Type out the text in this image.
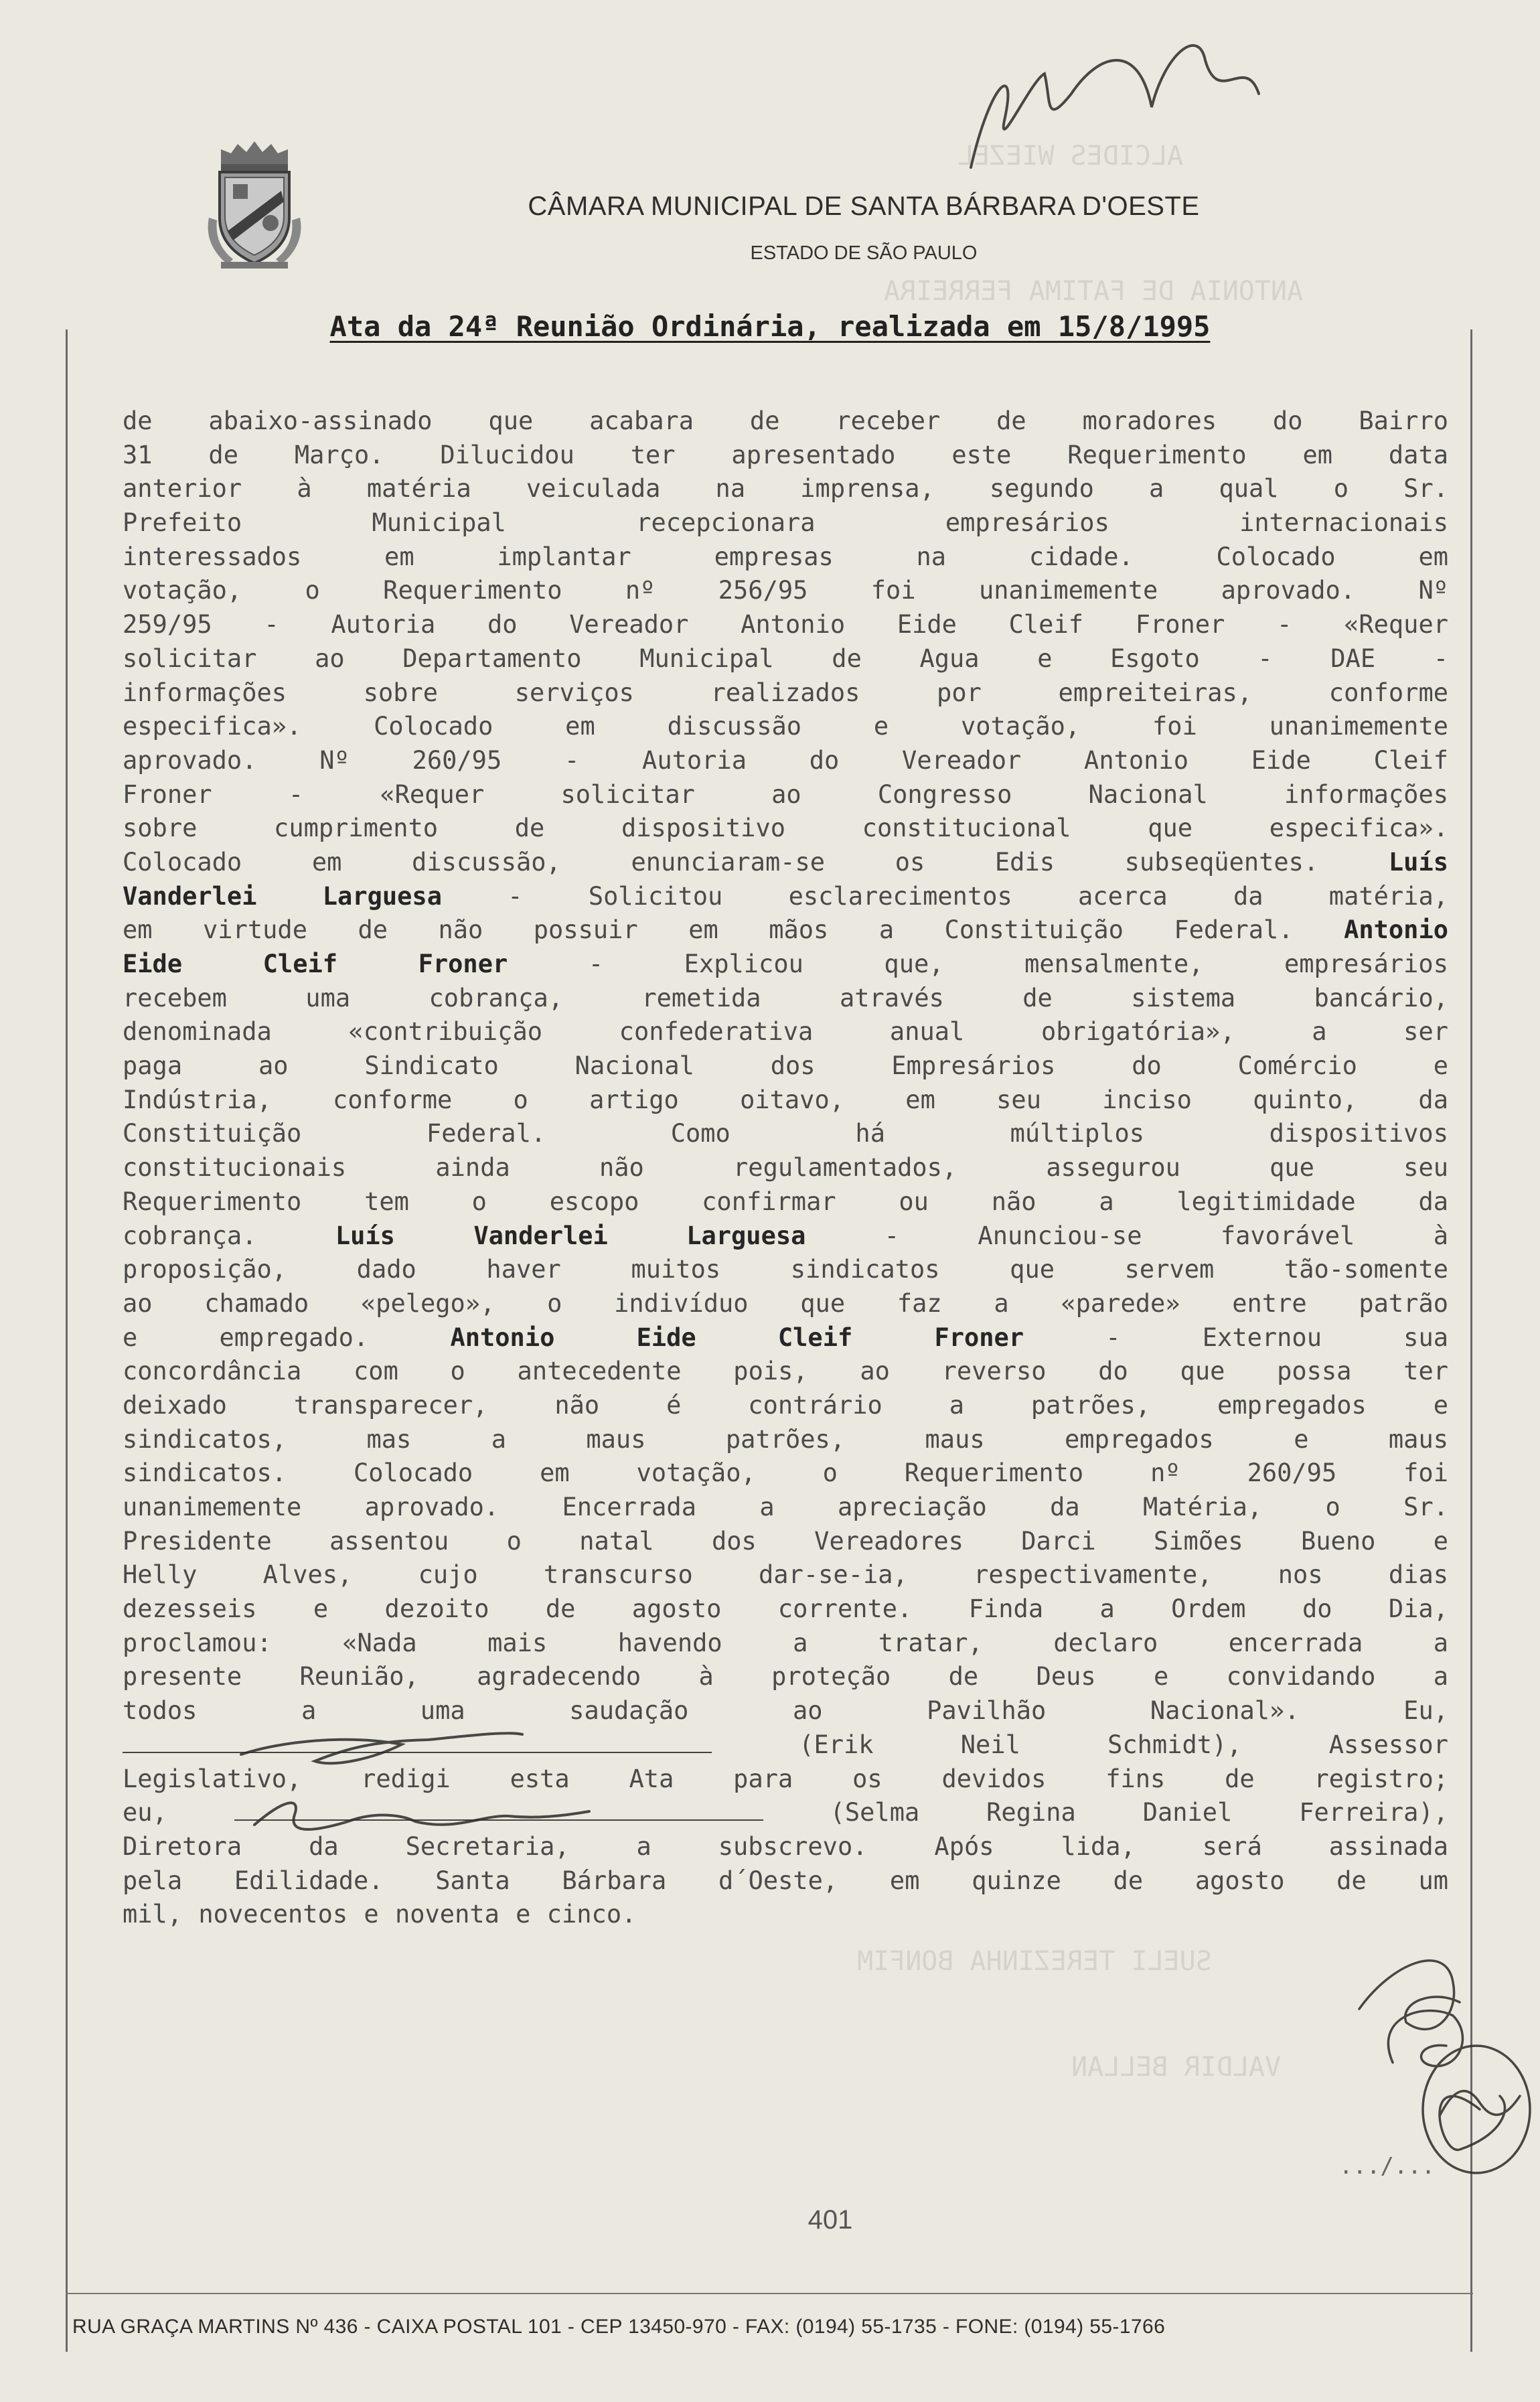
ALCIDES WIEZEL
ANTONIA DE FATIMA FERREIRA
SUELI TEREZINHA BONFIM
VALDIR BELLAN
CÂMARA MUNICIPAL DE SANTA BÁRBARA D'OESTE
ESTADO DE SÃO PAULO
Ata da 24ª Reunião Ordinária, realizada em 15/8/1995
de abaixo-assinado que acabara de receber de moradores do Bairro
31 de Março. Dilucidou ter apresentado este Requerimento em data
anterior à matéria veiculada na imprensa, segundo a qual o Sr.
Prefeito Municipal recepcionara empresários internacionais
interessados em implantar empresas na cidade. Colocado em
votação, o Requerimento nº 256/95 foi unanimemente aprovado. Nº
259/95 - Autoria do Vereador Antonio Eide Cleif Froner - «Requer
solicitar ao Departamento Municipal de Agua e Esgoto - DAE -
informações sobre serviços realizados por empreiteiras, conforme
especifica». Colocado em discussão e votação, foi unanimemente
aprovado. Nº 260/95 - Autoria do Vereador Antonio Eide Cleif
Froner - «Requer solicitar ao Congresso Nacional informações
sobre cumprimento de dispositivo constitucional que especifica».
Colocado em discussão, enunciaram-se os Edis subseqüentes.	Luís
Vanderlei Larguesa	- Solicitou esclarecimentos acerca da matéria,
em virtude de não possuir em mãos a Constituição Federal. Antonio
Eide Cleif Froner	- Explicou que, mensalmente, empresários
recebem uma cobrança, remetida através de sistema bancário,
denominada «contribuição confederativa anual obrigatória», a ser
paga ao Sindicato Nacional dos Empresários do Comércio e
Indústria, conforme o artigo oitavo, em seu inciso quinto, da
Constituição Federal. Como há múltiplos dispositivos
constitucionais ainda não regulamentados, assegurou que seu
Requerimento tem o escopo confirmar ou não a legitimidade da
cobrança.	Luís Vanderlei Larguesa - Anunciou-se favorável à
proposição, dado haver muitos sindicatos que servem tão-somente
ao chamado «pelego», o indivíduo que faz a «parede» entre patrão
e empregado.	Antonio Eide Cleif Froner - Externou sua
concordância com o antecedente pois, ao reverso do que possa ter
deixado transparecer, não é contrário a patrões, empregados e
sindicatos, mas a maus patrões, maus empregados e maus
sindicatos. Colocado em votação, o Requerimento nº 260/95 foi
unanimemente aprovado. Encerrada a apreciação da Matéria, o Sr.
Presidente assentou o natal dos Vereadores Darci Simões Bueno e
Helly Alves, cujo transcurso dar-se-ia, respectivamente, nos dias
dezesseis e dezoito de agosto corrente. Finda a Ordem do Dia,
proclamou: «Nada mais havendo a tratar, declaro encerrada a
presente Reunião, agradecendo à proteção de Deus e convidando a
todos a uma saudação ao Pavilhão Nacional». Eu,
(Erik Neil Schmidt), Assessor
Legislativo, redigi esta Ata para os devidos fins de registro;
eu,	(Selma Regina Daniel Ferreira),
Diretora da Secretaria, a subscrevo. Após lida, será assinada
pela Edilidade. Santa Bárbara d´Oeste, em quinze de agosto de um
mil, novecentos e noventa e cinco.
401
.../...
RUA GRAÇA MARTINS Nº 436 - CAIXA POSTAL 101 - CEP 13450-970 - FAX: (0194) 55-1735 - FONE: (0194) 55-1766
